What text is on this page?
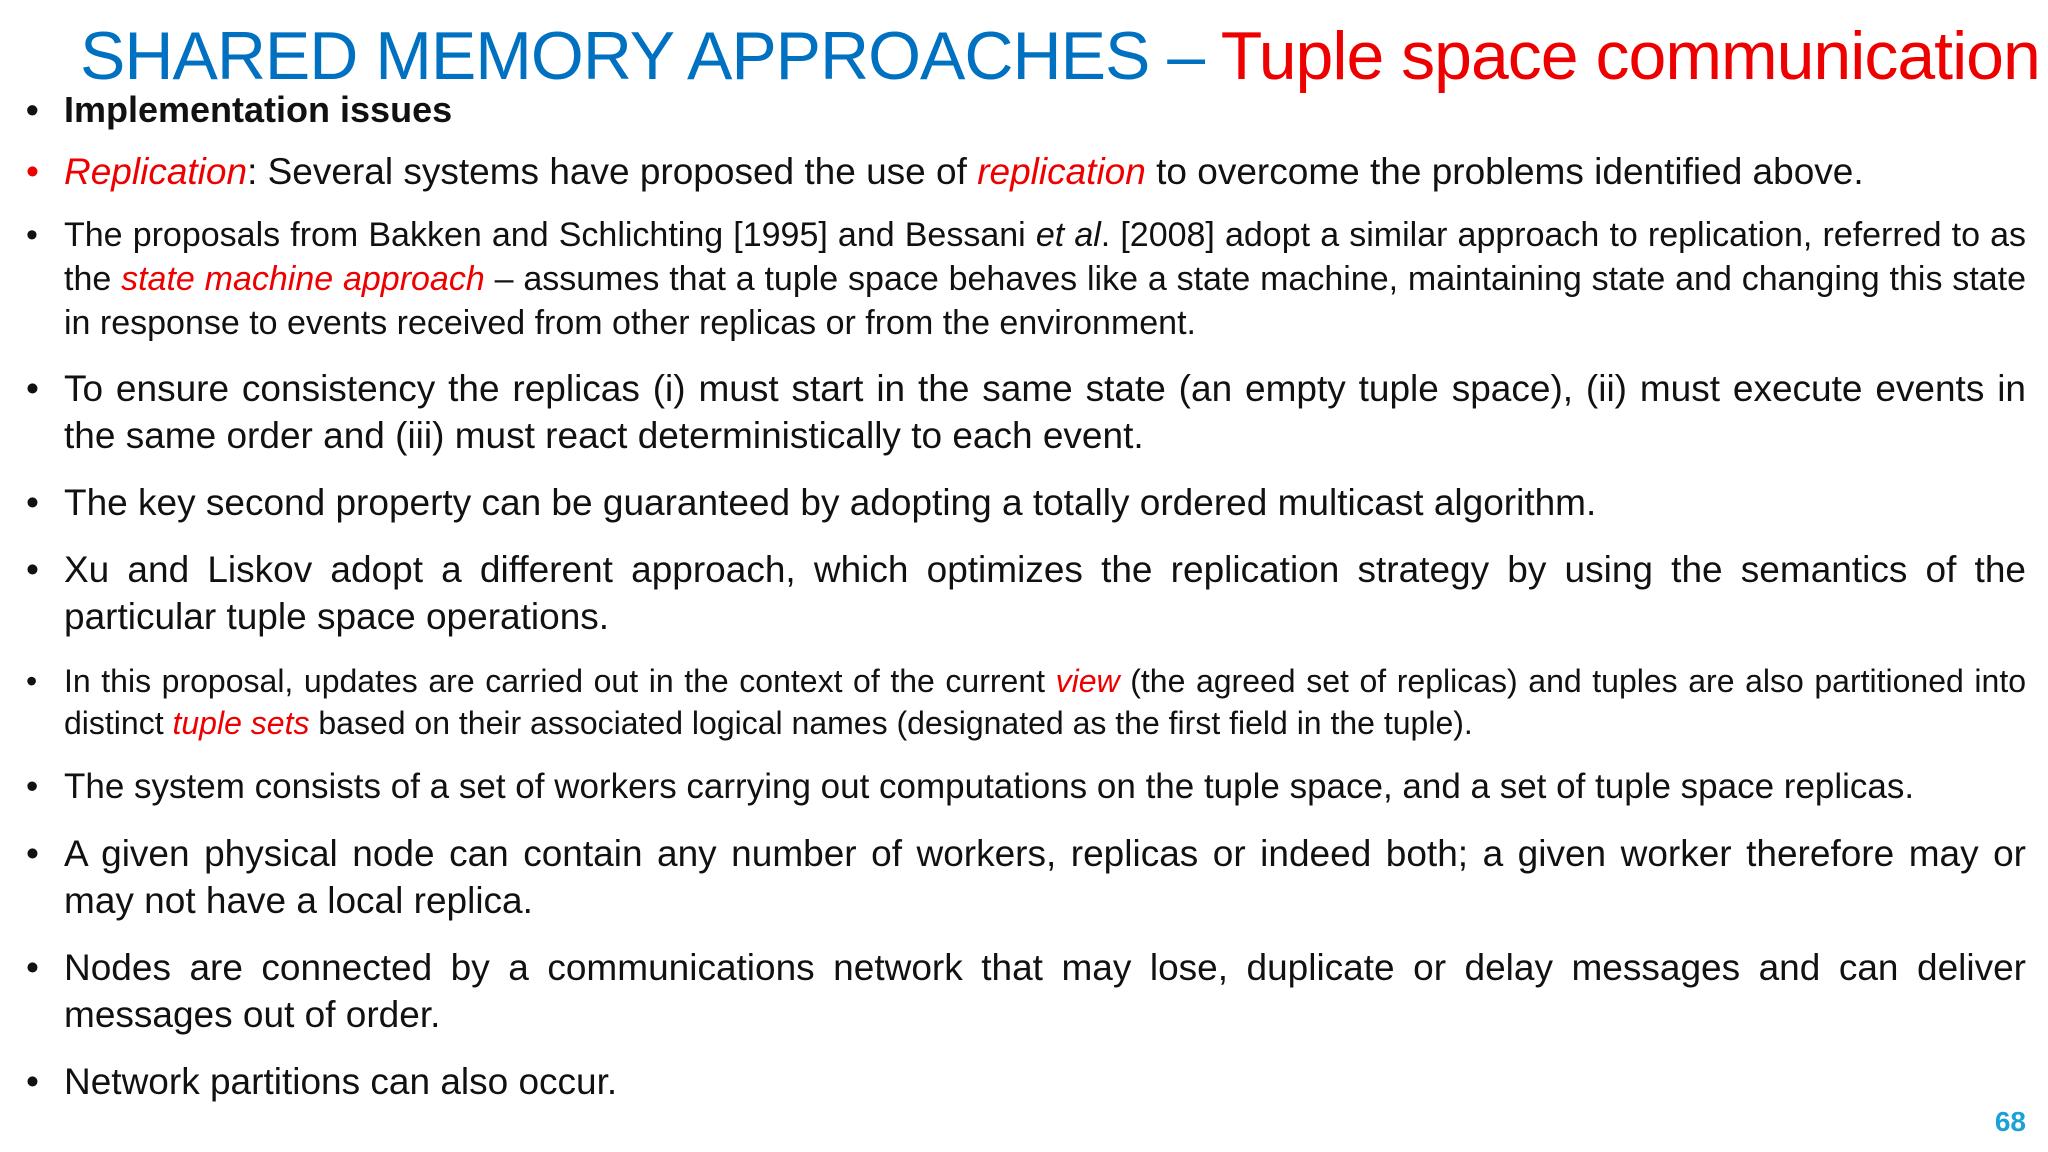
SHARED MEMORY APPROACHES – Tuple space communication
• Implementation issues
• Replication: Several systems have proposed the use of replication to overcome the problems identified above.
• The proposals from Bakken and Schlichting [1995] and Bessani et al. [2008] adopt a similar approach to replication, referred to as the state machine approach – assumes that a tuple space behaves like a state machine, maintaining state and changing this state in response to events received from other replicas or from the environment.
• To ensure consistency the replicas (i) must start in the same state (an empty tuple space), (ii) must execute events in the same order and (iii) must react deterministically to each event.
• The key second property can be guaranteed by adopting a totally ordered multicast algorithm.
• Xu and Liskov adopt a different approach, which optimizes the replication strategy by using the semantics of the particular tuple space operations.
• In this proposal, updates are carried out in the context of the current view (the agreed set of replicas) and tuples are also partitioned into distinct tuple sets based on their associated logical names (designated as the first field in the tuple).
• The system consists of a set of workers carrying out computations on the tuple space, and a set of tuple space replicas.
• A given physical node can contain any number of workers, replicas or indeed both; a given worker therefore may or may not have a local replica.
• Nodes are connected by a communications network that may lose, duplicate or delay messages and can deliver messages out of order.
• Network partitions can also occur.
68
